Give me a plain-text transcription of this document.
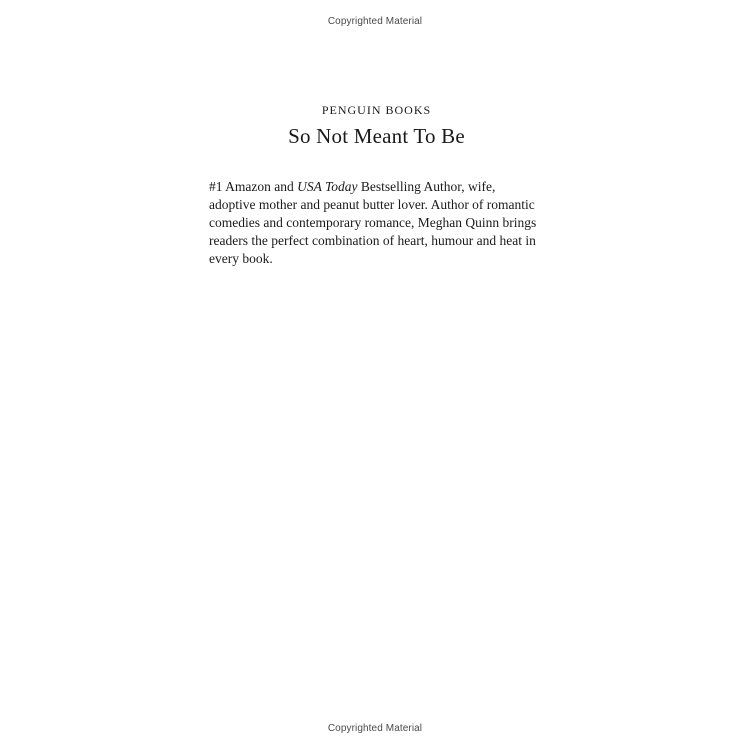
Copyrighted Material
PENGUIN BOOKS
So Not Meant To Be

#1 Amazon and USA Today Bestselling Author, wife, adoptive mother and peanut butter lover. Author of romantic comedies and contemporary romance, Meghan Quinn brings readers the perfect combination of heart, humour and heat in every book.

Copyrighted Material
